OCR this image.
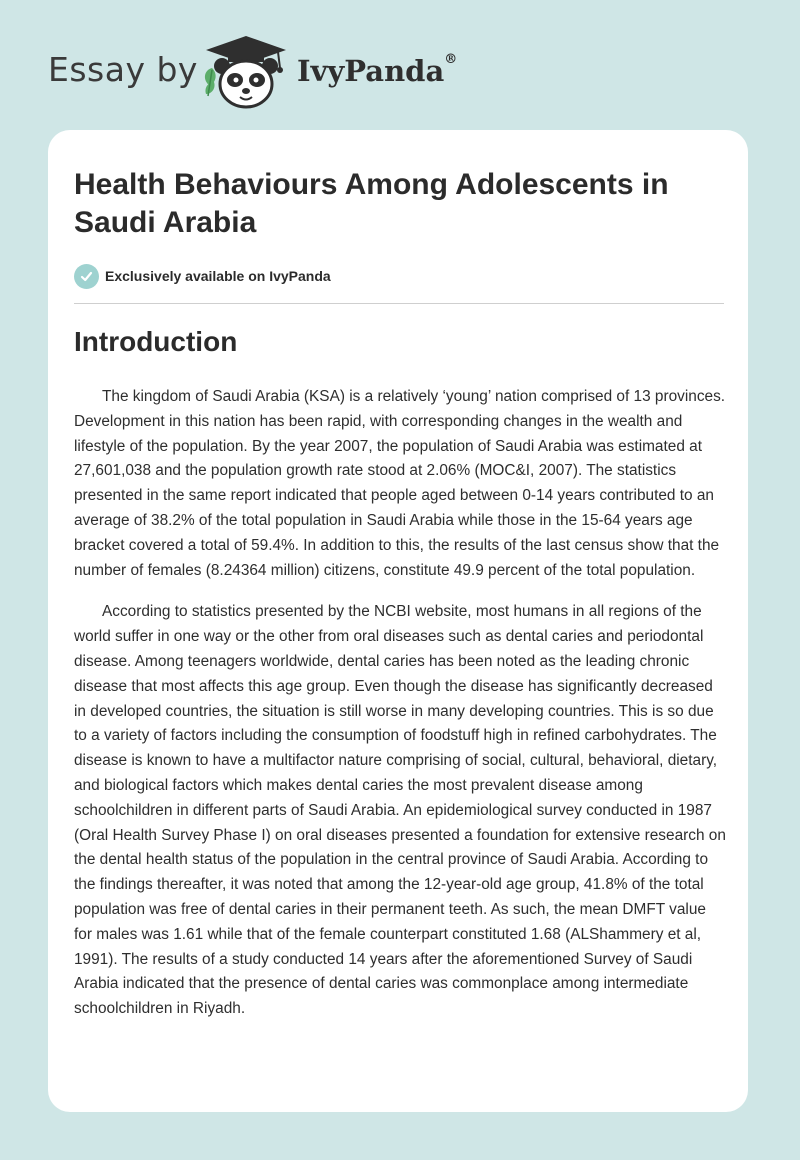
Essay by	IvyPanda®
Health Behaviours Among Adolescents in Saudi Arabia
Exclusively available on IvyPanda
Introduction

The kingdom of Saudi Arabia (KSA) is a relatively ‘young’ nation comprised of 13 provinces. Development in this nation has been rapid, with corresponding changes in the wealth and lifestyle of the population. By the year 2007, the population of Saudi Arabia was estimated at 27,601,038 and the population growth rate stood at 2.06% (MOC&I, 2007). The statistics presented in the same report indicated that people aged between 0-14 years contributed to an average of 38.2% of the total population in Saudi Arabia while those in the 15-64 years age bracket covered a total of 59.4%. In addition to this, the results of the last census show that the number of females (8.24364 million) citizens, constitute 49.9 percent of the total population.

According to statistics presented by the NCBI website, most humans in all regions of the world suffer in one way or the other from oral diseases such as dental caries and periodontal disease. Among teenagers worldwide, dental caries has been noted as the leading chronic disease that most affects this age group. Even though the disease has significantly decreased in developed countries, the situation is still worse in many developing countries. This is so due to a variety of factors including the consumption of foodstuff high in refined carbohydrates. The disease is known to have a multifactor nature comprising of social, cultural, behavioral, dietary, and biological factors which makes dental caries the most prevalent disease among schoolchildren in different parts of Saudi Arabia. An epidemiological survey conducted in 1987 (Oral Health Survey Phase I) on oral diseases presented a foundation for extensive research on the dental health status of the population in the central province of Saudi Arabia. According to the findings thereafter, it was noted that among the 12-year-old age group, 41.8% of the total population was free of dental caries in their permanent teeth. As such, the mean DMFT value for males was 1.61 while that of the female counterpart constituted 1.68 (ALShammery et al, 1991). The results of a study conducted 14 years after the aforementioned Survey of Saudi Arabia indicated that the presence of dental caries was commonplace among intermediate schoolchildren in Riyadh.
